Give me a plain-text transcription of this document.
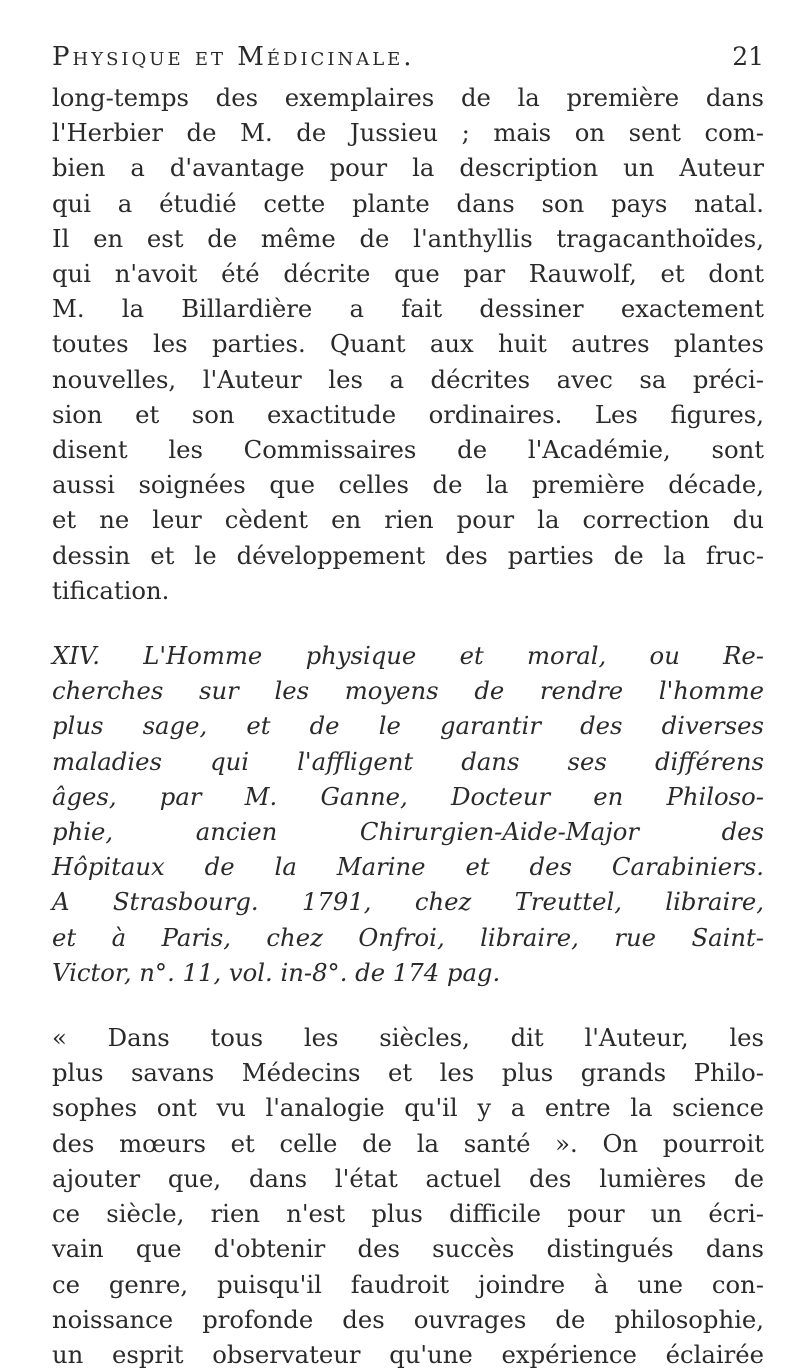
Physique et Médicinale.	21
long-temps des exemplaires de la première dans
l'Herbier de M. de Jussieu ; mais on sent com-
bien a d'avantage pour la description un Auteur
qui a étudié cette plante dans son pays natal.
Il en est de même de l'anthyllis tragacanthoïdes,
qui n'avoit été décrite que par Rauwolf, et dont
M. la Billardière a fait dessiner exactement
toutes les parties. Quant aux huit autres plantes
nouvelles, l'Auteur les a décrites avec sa préci-
sion et son exactitude ordinaires. Les figures,
disent les Commissaires de l'Académie, sont
aussi soignées que celles de la première décade,
et ne leur cèdent en rien pour la correction du
dessin et le développement des parties de la fruc-
tification.
XIV. L'Homme physique et moral, ou Re-
cherches sur les moyens de rendre l'homme
plus sage, et de le garantir des diverses
maladies qui l'affligent dans ses différens
âges, par M. Ganne, Docteur en Philoso-
phie, ancien Chirurgien-Aide-Major des
Hôpitaux de la Marine et des Carabiniers.
A Strasbourg. 1791, chez Treuttel, libraire,
et à Paris, chez Onfroi, libraire, rue Saint-
Victor, n°. 11, vol. in-8°. de 174 pag.
« Dans tous les siècles, dit l'Auteur, les
plus savans Médecins et les plus grands Philo-
sophes ont vu l'analogie qu'il y a entre la science
des mœurs et celle de la santé ». On pourroit
ajouter que, dans l'état actuel des lumières de
ce siècle, rien n'est plus difficile pour un écri-
vain que d'obtenir des succès distingués dans
ce genre, puisqu'il faudroit joindre à une con-
noissance profonde des ouvrages de philosophie,
un esprit observateur qu'une expérience éclairée
